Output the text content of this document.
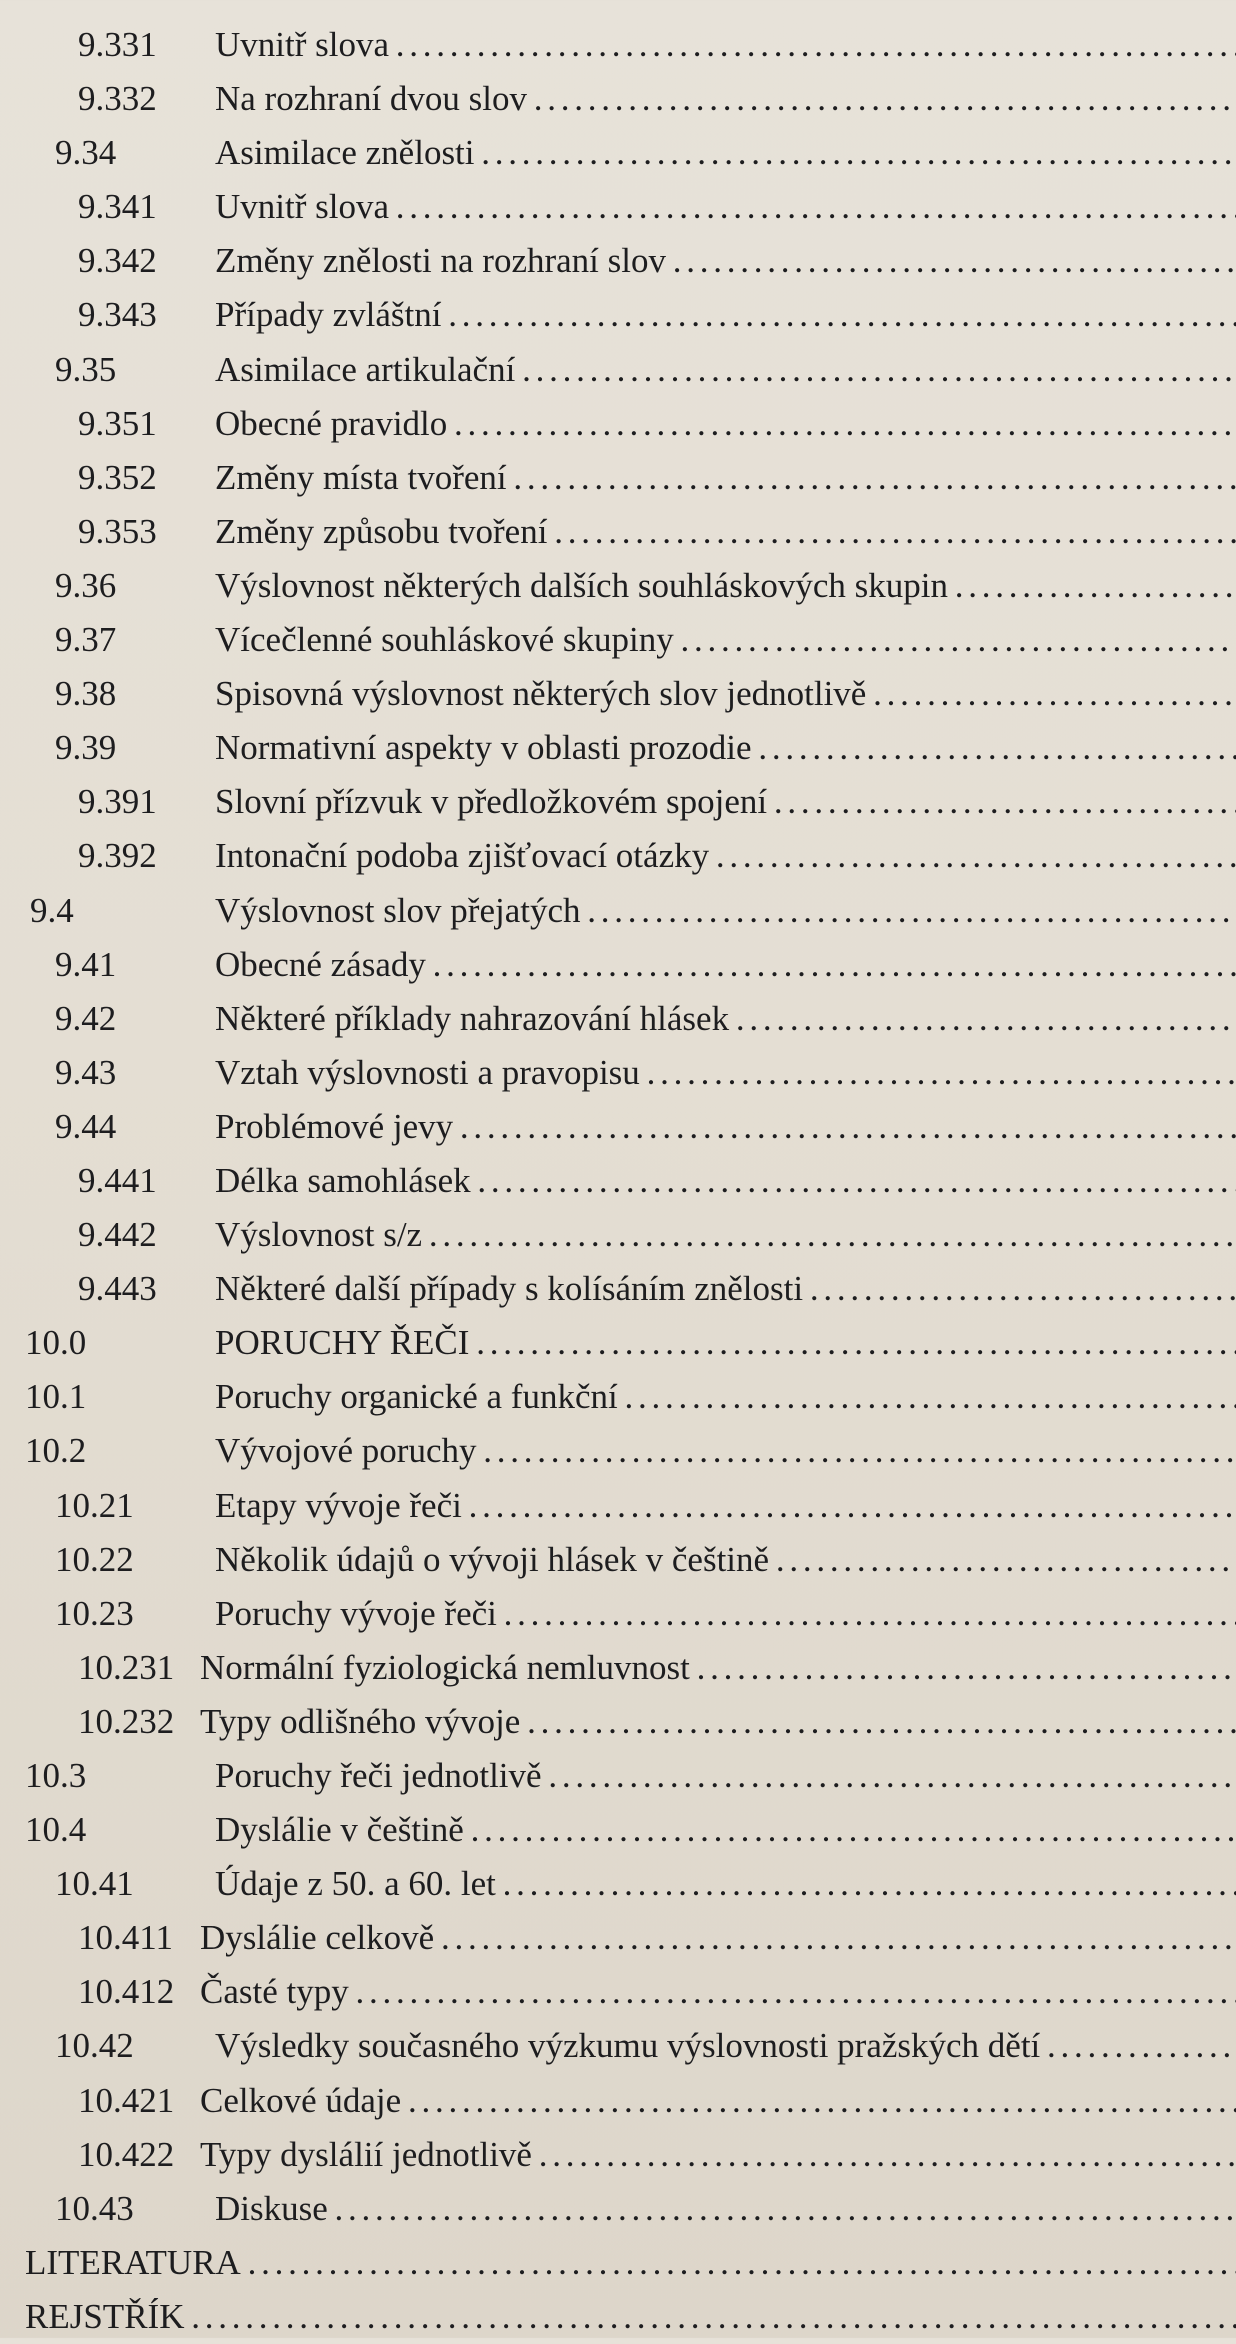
9.331 Uvnitř slova . . .
9.332 Na rozhraní dvou slov . . .
9.34	Asimilace znělosti . . .
9.341 Uvnitř slova . . .
9.342 Změny znělosti na rozhraní slov . . .
9.343 Případy zvláštní . . .
9.35	Asimilace artikulační . . .
9.351 Obecné pravidlo . . .
9.352 Změny místa tvoření . . .
9.353 Změny způsobu tvoření . . .
9.36	Výslovnost některých dalších souhláskových skupin . . .
9.37	Vícečlenné souhláskové skupiny . . .
9.38	Spisovná výslovnost některých slov jednotlivě . . .
9.39	Normativní aspekty v oblasti prozodie . . .
9.391 Slovní přízvuk v předložkovém spojení . . .
9.392 Intonační podoba zjišťovací otázky . . .
9.4	Výslovnost slov přejatých . . .
9.41	Obecné zásady . . .
9.42	Některé příklady nahrazování hlásek . . .
9.43	Vztah výslovnosti a pravopisu . . .
9.44	Problémové jevy . . .
9.441 Délka samohlásek . . .
9.442 Výslovnost s/z . . .
9.443 Některé další případy s kolísáním znělosti . . .
10.0	PORUCHY ŘEČI . . .
10.1	Poruchy organické a funkční . . .
10.2	Vývojové poruchy . . .
10.21 Etapy vývoje řeči . . .
10.22 Několik údajů o vývoji hlásek v češtině . . .
10.23 Poruchy vývoje řeči . . .
10.231 Normální fyziologická nemluvnost . . .
10.232 Typy odlišného vývoje . . .
10.3	Poruchy řeči jednotlivě . . .
10.4	Dyslálie v češtině . . .
10.41 Údaje z 50. a 60. let . . .
10.411 Dyslálie celkově . . .
10.412 Časté typy . . .
10.42 Výsledky současného výzkumu výslovnosti pražských dětí . . .
10.421 Celkové údaje . . .
10.422 Typy dyslálií jednotlivě . . .
10.43 Diskuse . . .
LITERATURA . . .
REJSTŘÍK . . .
